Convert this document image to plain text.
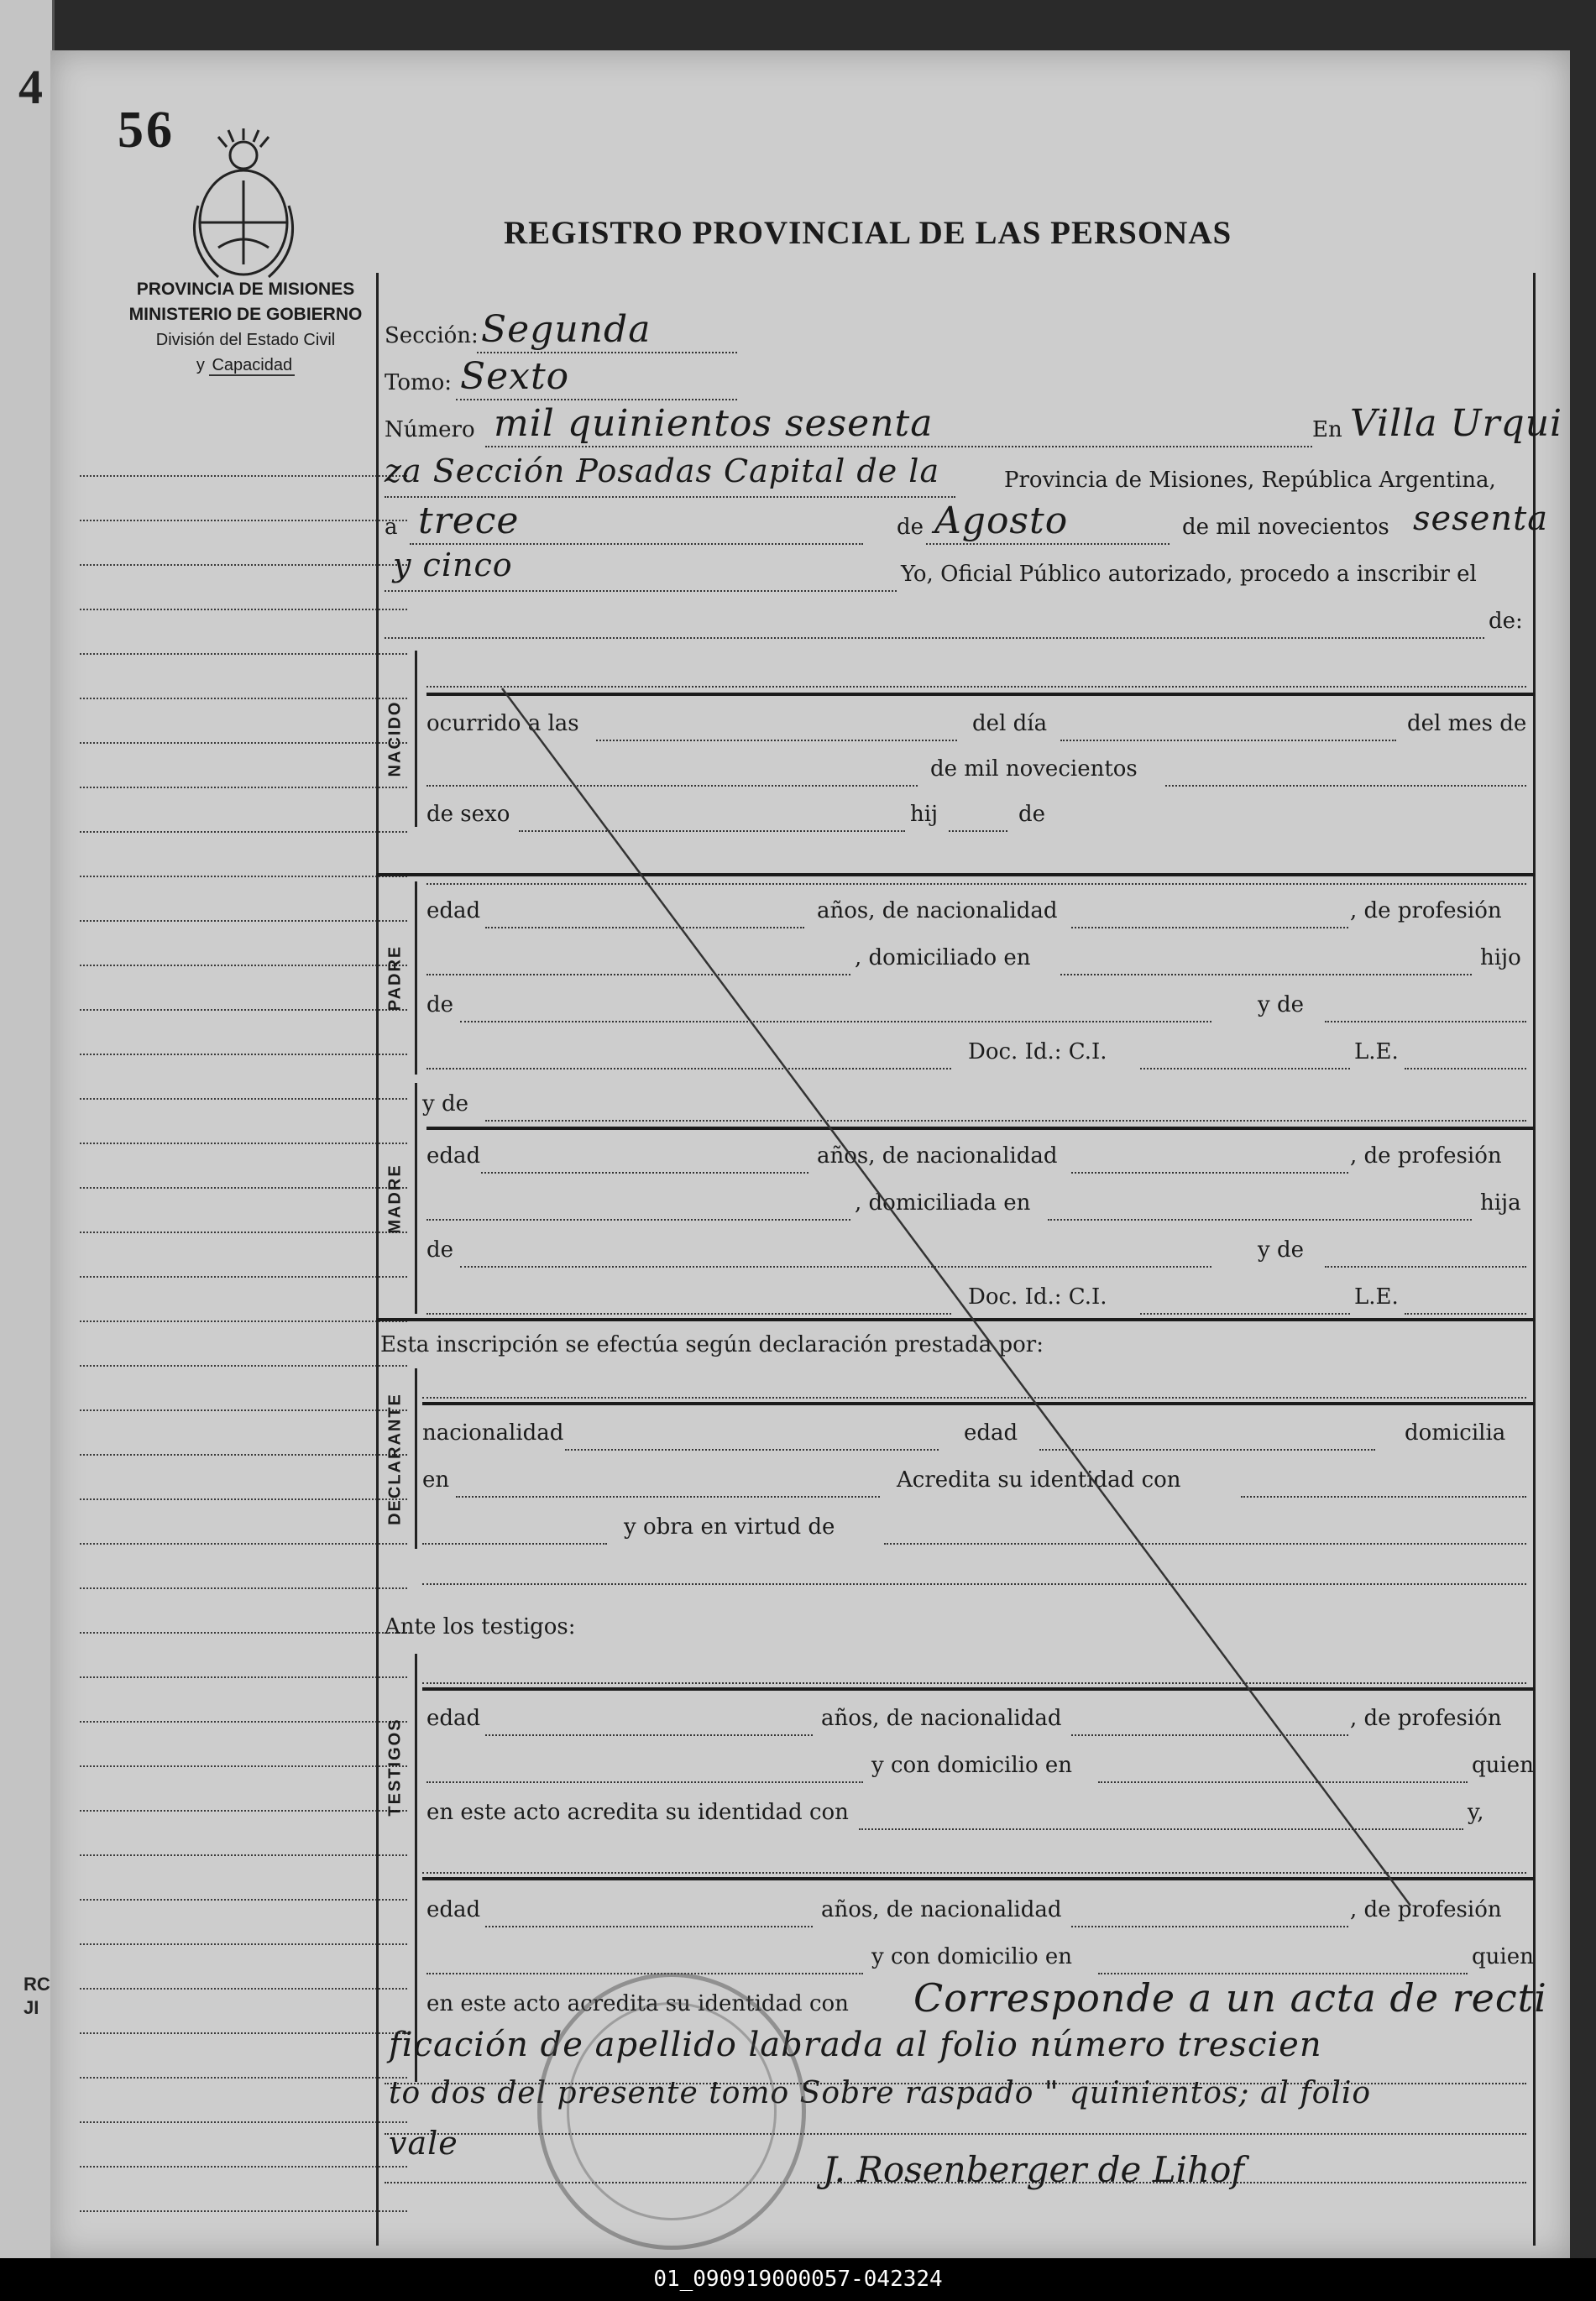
4
RC
JI
56
REGISTRO PROVINCIAL DE LAS PERSONAS
PROVINCIA DE MISIONES
MINISTERIO DE GOBIERNO
División del Estado Civil
y Capacidad
Sección: Segunda
Tomo: Sexto
Número mil quinientos sesenta	En Villa Urqui
za Sección Posadas Capital de la	Provincia de Misiones, República Argentina,
a trece	de Agosto	de mil novecientos sesenta
y cinco	Yo, Oficial Público autorizado, procedo a inscribir el
de:
NACIDO ocurrido a las	del día	del mes de
de mil novecientos
de sexo	hij	de
PADRE
edad	años, de nacionalidad	, de profesión
, domiciliado en	hijo
de	y de
Doc. Id.: C.I.	L.E.
MADRE
y de
edad	años, de nacionalidad	, de profesión
, domiciliada en	hija
de	y de
Doc. Id.: C.I.	L.E.
Esta inscripción se efectúa según declaración prestada por:
DECLARANTE nacionalidad	edad	domicilia
en	Acredita su identidad con
y obra en virtud de
Ante los testigos:
TESTIGOS edad	años, de nacionalidad	, de profesión
y con domicilio en	quien
en este acto acredita su identidad con	y,
edad	años, de nacionalidad	, de profesión
y con domicilio en	quien
en este acto acredita su identidad con Corresponde a un acta de recti
ficación de apellido labrada al folio número trescien
to dos del presente tomo Sobre raspado " quinientos; al folio
vale
J. Rosenberger de Lihof
01_090919000057-042324
